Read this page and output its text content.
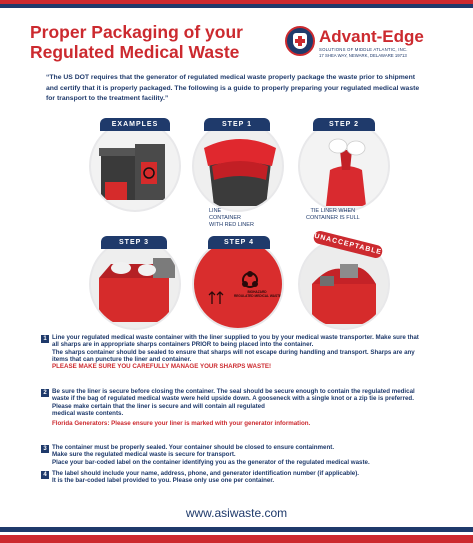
Proper Packaging of your Regulated Medical Waste
Advant-Edge
SOLUTIONS OF MIDDLE ATLANTIC, INC.
17 SHEA WAY, NEWARK, DELAWARE 19713

“The US DOT requires that the generator of regulated medical waste properly package the waste prior to shipment and certify that it is properly packaged. The following is a guide to properly preparing your regulated medical waste for transport to the treatment facility.”

EXAMPLES	STEP 1
LINE
CONTAINER
WITH RED LINER
STEP 2
TIE LINER WHEN
CONTAINER IS FULL
STEP 3
BIOHAZARD
REGULATED MEDICAL WASTE
STEP 4	UNACCEPTABLE
1 Line your regulated medical waste container with the liner supplied to you by your medical waste transporter. Make sure that all sharps are in appropriate sharps containers PRIOR to being placed into the container.
The sharps container should be sealed to ensure that sharps will not escape during handling and transport. Sharps are any items that can puncture the liner and container.
PLEASE MAKE SURE YOU CAREFULLY MANAGE YOUR SHARPS WASTE!
2 Be sure the liner is secure before closing the container. The seal should be secure enough to contain the regulated medical waste if the bag of regulated medical waste were held upside down. A gooseneck with a single knot or a zip tie is preferred. Please make certain that the liner is secure and will contain all regulated
medical waste contents.
Florida Generators: Please ensure your liner is marked with your generator information.
3 The container must be properly sealed. Your container should be closed to ensure containment.
Make sure the regulated medical waste is secure for transport.
Place your bar-coded label on the container identifying you as the generator of the regulated medical waste.
4 The label should include your name, address, phone, and generator identification number (if applicable).
It is the bar-coded label provided to you. Please only use one per container.
www.asiwaste.com
